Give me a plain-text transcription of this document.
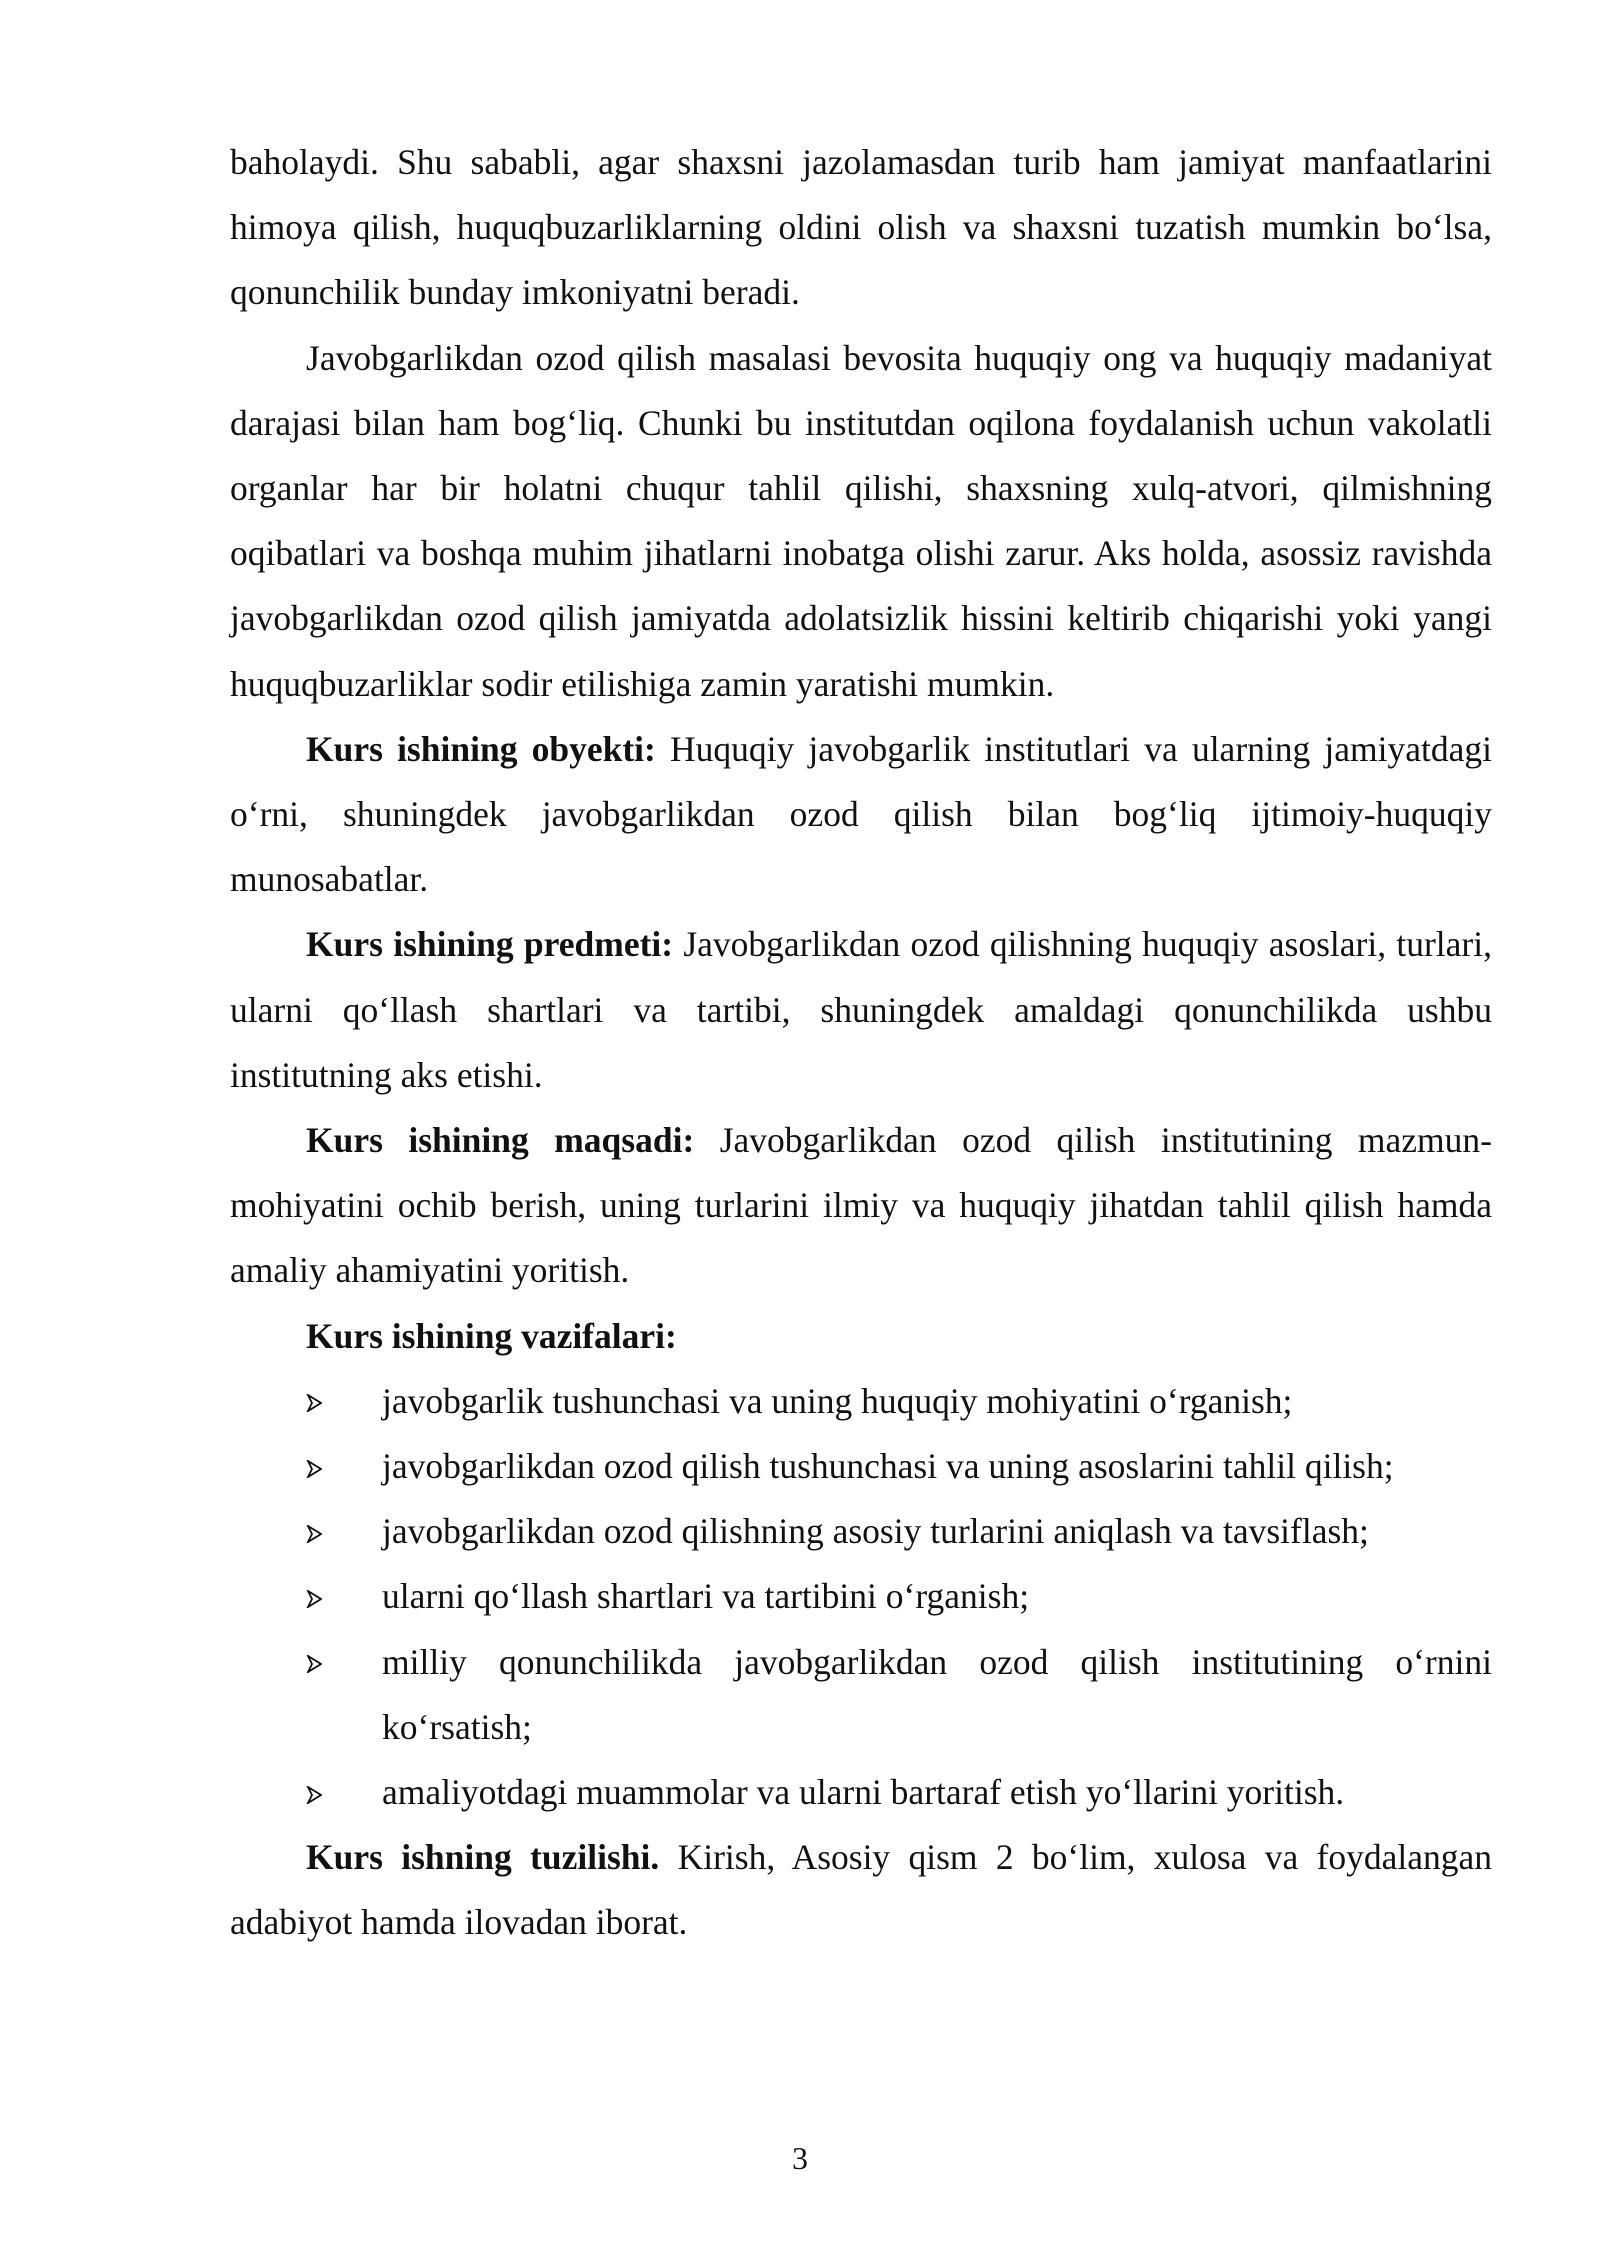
baholaydi. Shu sababli, agar shaxsni jazolamasdan turib ham jamiyat manfaatlarini himoya qilish, huquqbuzarliklarning oldini olish va shaxsni tuzatish mumkin bo‘lsa, qonunchilik bunday imkoniyatni beradi.

Javobgarlikdan ozod qilish masalasi bevosita huquqiy ong va huquqiy madaniyat darajasi bilan ham bog‘liq. Chunki bu institutdan oqilona foydalanish uchun vakolatli organlar har bir holatni chuqur tahlil qilishi, shaxsning xulq-atvori, qilmishning oqibatlari va boshqa muhim jihatlarni inobatga olishi zarur. Aks holda, asossiz ravishda javobgarlikdan ozod qilish jamiyatda adolatsizlik hissini keltirib chiqarishi yoki yangi huquqbuzarliklar sodir etilishiga zamin yaratishi mumkin.

Kurs ishining obyekti: Huquqiy javobgarlik institutlari va ularning jamiyatdagi o‘rni, shuningdek javobgarlikdan ozod qilish bilan bog‘liq ijtimoiy-huquqiy munosabatlar.

Kurs ishining predmeti: Javobgarlikdan ozod qilishning huquqiy asoslari, turlari, ularni qo‘llash shartlari va tartibi, shuningdek amaldagi qonunchilikda ushbu institutning aks etishi.

Kurs ishining maqsadi: Javobgarlikdan ozod qilish institutining mazmun-mohiyatini ochib berish, uning turlarini ilmiy va huquqiy jihatdan tahlil qilish hamda amaliy ahamiyatini yoritish.

Kurs ishining vazifalari:

javobgarlik tushunchasi va uning huquqiy mohiyatini o‘rganish;
javobgarlikdan ozod qilish tushunchasi va uning asoslarini tahlil qilish;
javobgarlikdan ozod qilishning asosiy turlarini aniqlash va tavsiflash;
ularni qo‘llash shartlari va tartibini o‘rganish;
milliy qonunchilikda javobgarlikdan ozod qilish institutining o‘rnini ko‘rsatish;
amaliyotdagi muammolar va ularni bartaraf etish yo‘llarini yoritish.

Kurs ishning tuzilishi. Kirish, Asosiy qism 2 bo‘lim, xulosa va foydalangan adabiyot hamda ilovadan iborat.

3
